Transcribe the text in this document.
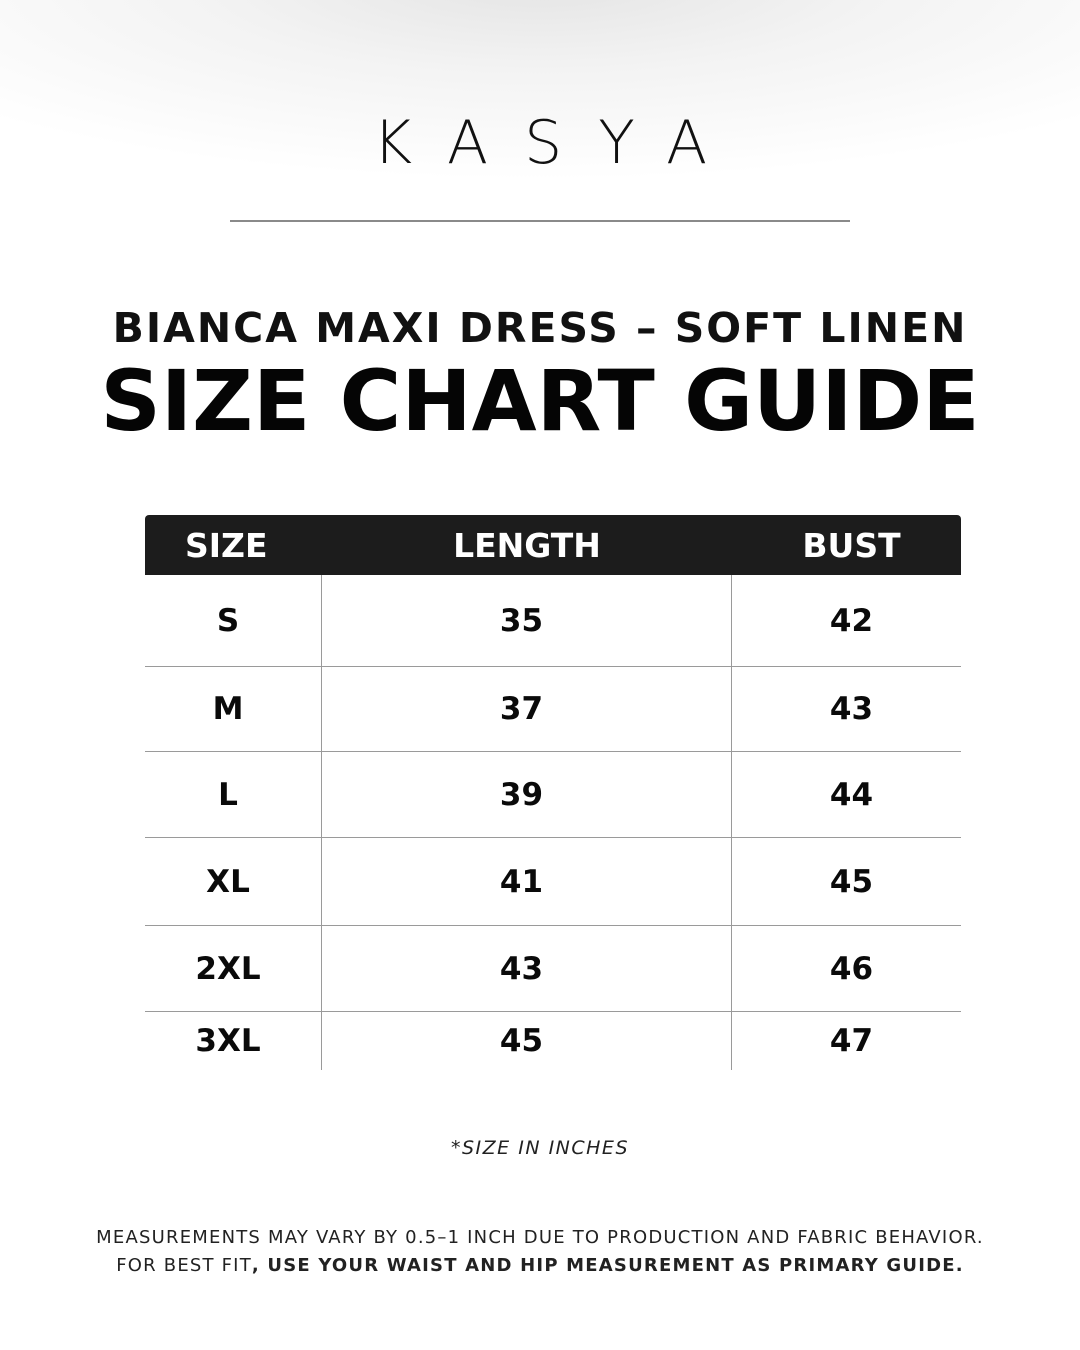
KASYA
BIANCA MAXI DRESS – SOFT LINEN
SIZE CHART GUIDE
SIZE	LENGTH	BUST
S	35	42
M	37	43
L	39	44
XL	41	45
2XL	43	46
3XL	45	47
*SIZE IN INCHES
MEASUREMENTS MAY VARY BY 0.5–1 INCH DUE TO PRODUCTION AND FABRIC BEHAVIOR.
FOR BEST FIT, USE YOUR WAIST AND HIP MEASUREMENT AS PRIMARY GUIDE.
